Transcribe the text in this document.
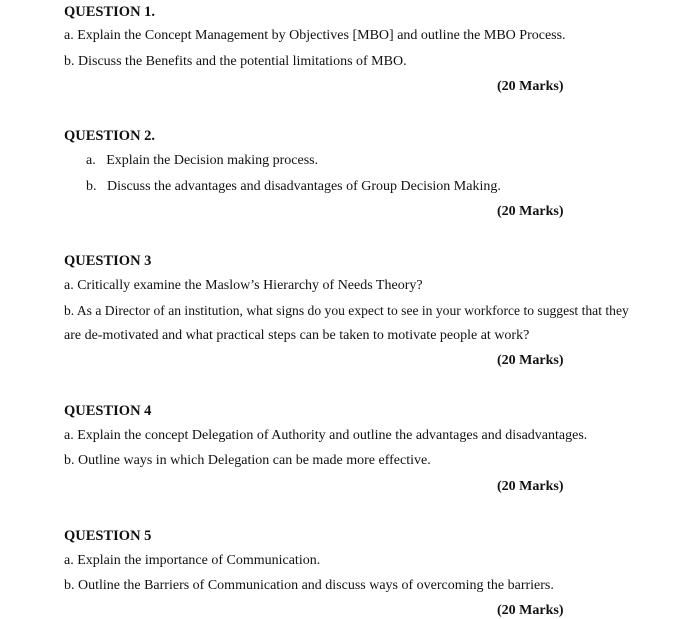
QUESTION 1.
a. Explain the Concept Management by Objectives [MBO] and outline the MBO Process.
b. Discuss the Benefits and the potential limitations of MBO.
(20 Marks)
QUESTION 2.
a.   Explain the Decision making process.
b.   Discuss the advantages and disadvantages of Group Decision Making.
(20 Marks)
QUESTION 3
a. Critically examine the Maslow’s Hierarchy of Needs Theory?
b. As a Director of an institution, what signs do you expect to see in your workforce to suggest that they
are de-motivated and what practical steps can be taken to motivate people at work?
(20 Marks)
QUESTION 4
a. Explain the concept Delegation of Authority and outline the advantages and disadvantages.
b. Outline ways in which Delegation can be made more effective.
(20 Marks)
QUESTION 5
a. Explain the importance of Communication.
b. Outline the Barriers of Communication and discuss ways of overcoming the barriers.
(20 Marks)
